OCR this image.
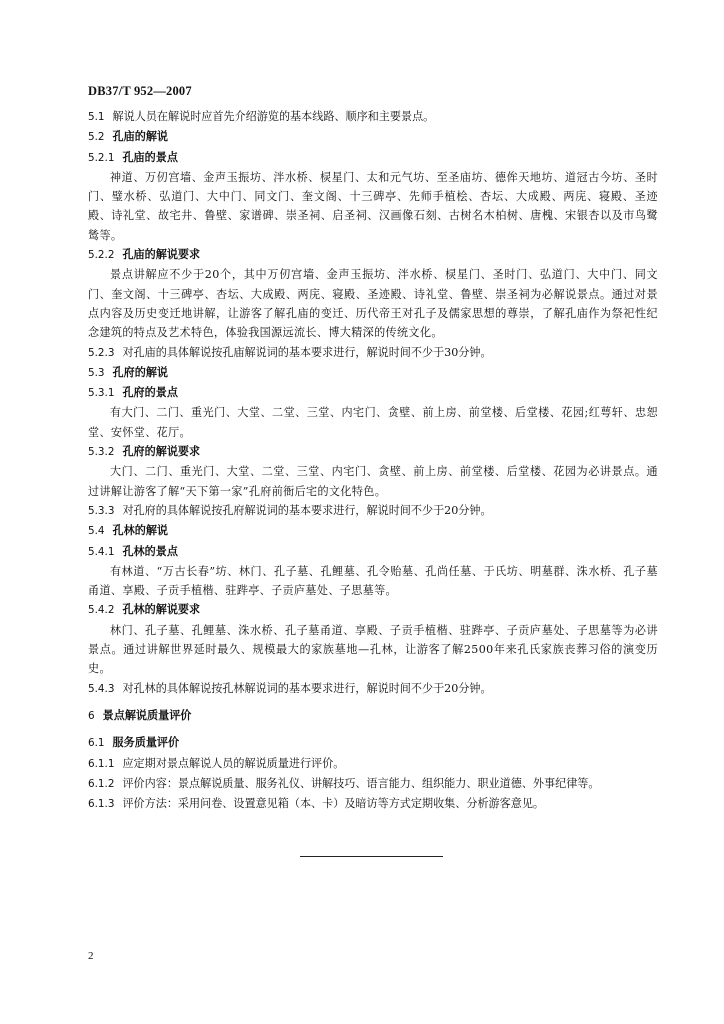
DB37/T 952—2007

5.1 解说人员在解说时应首先介绍游览的基本线路、顺序和主要景点。

5.2 孔庙的解说

5.2.1 孔庙的景点

神道、万仞宫墙、金声玉振坊、泮水桥、棂星门、太和元气坊、至圣庙坊、德侔天地坊、道冠古今坊、圣时门、璧水桥、弘道门、大中门、同文门、奎文阁、十三碑亭、先师手植桧、杏坛、大成殿、两庑、寝殿、圣迹殿、诗礼堂、故宅井、鲁壁、家谱碑、崇圣祠、启圣祠、汉画像石刻、古树名木柏树、唐槐、宋银杏以及市鸟鹭鸶等。

5.2.2 孔庙的解说要求

景点讲解应不少于20个，其中万仞宫墙、金声玉振坊、泮水桥、棂星门、圣时门、弘道门、大中门、同文门、奎文阁、十三碑亭、杏坛、大成殿、两庑、寝殿、圣迹殿、诗礼堂、鲁壁、崇圣祠为必解说景点。通过对景点内容及历史变迁地讲解，让游客了解孔庙的变迁、历代帝王对孔子及儒家思想的尊崇，了解孔庙作为祭祀性纪念建筑的特点及艺术特色，体验我国源远流长、博大精深的传统文化。

5.2.3 对孔庙的具体解说按孔庙解说词的基本要求进行，解说时间不少于30分钟。

5.3 孔府的解说

5.3.1 孔府的景点

有大门、二门、重光门、大堂、二堂、三堂、内宅门、贪壁、前上房、前堂楼、后堂楼、花园;红萼轩、忠恕堂、安怀堂、花厅。

5.3.2 孔府的解说要求

大门、二门、重光门、大堂、二堂、三堂、内宅门、贪壁、前上房、前堂楼、后堂楼、花园为必讲景点。通过讲解让游客了解“天下第一家”孔府前衙后宅的文化特色。

5.3.3 对孔府的具体解说按孔府解说词的基本要求进行，解说时间不少于20分钟。

5.4 孔林的解说

5.4.1 孔林的景点

有林道、“万古长春”坊、林门、孔子墓、孔鲤墓、孔令贻墓、孔尚任墓、于氏坊、明墓群、洙水桥、孔子墓甬道、享殿、子贡手植楷、驻跸亭、子贡庐墓处、子思墓等。

5.4.2 孔林的解说要求

林门、孔子墓、孔鲤墓、洙水桥、孔子墓甬道、享殿、子贡手植楷、驻跸亭、子贡庐墓处、子思墓等为必讲景点。通过讲解世界延时最久、规模最大的家族墓地—孔林，让游客了解2500年来孔氏家族丧葬习俗的演变历史。

5.4.3 对孔林的具体解说按孔林解说词的基本要求进行，解说时间不少于20分钟。

6 景点解说质量评价

6.1 服务质量评价

6.1.1 应定期对景点解说人员的解说质量进行评价。

6.1.2 评价内容：景点解说质量、服务礼仪、讲解技巧、语言能力、组织能力、职业道德、外事纪律等。

6.1.3 评价方法：采用问卷、设置意见箱（本、卡）及暗访等方式定期收集、分析游客意见。

2
